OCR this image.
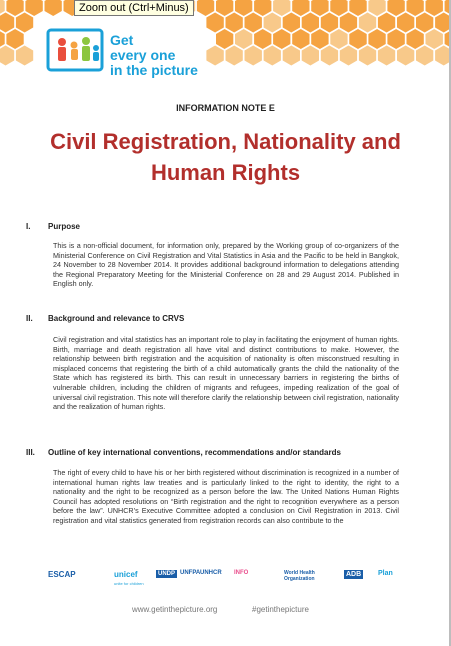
Zoom out (Ctrl+Minus)
Get
every one
in the picture
INFORMATION NOTE E
Civil Registration, Nationality and Human Rights
I. Purpose
This is a non-official document, for information only, prepared by the Working group of co-organizers of the Ministerial Conference on Civil Registration and Vital Statistics in Asia and the Pacific to be held in Bangkok, 24 November to 28 November 2014. It provides additional background information to delegations attending the Regional Preparatory Meeting for the Ministerial Conference on 28 and 29 August 2014. Published in English only.
II. Background and relevance to CRVS
Civil registration and vital statistics has an important role to play in facilitating the enjoyment of human rights. Birth, marriage and death registration all have vital and distinct contributions to make. However, the relationship between birth registration and the acquisition of nationality is often misconstrued resulting in misplaced concerns that registering the birth of a child automatically grants the child the nationality of the State which has registered its birth. This can result in unnecessary barriers in registering the births of vulnerable children, including the children of migrants and refugees, impeding realization of the goal of universal civil registration. This note will therefore clarify the relationship between civil registration, nationality and the realization of human rights.
III. Outline of key international conventions, recommendations and/or standards
The right of every child to have his or her birth registered without discrimination is recognized in a number of international human rights law treaties and is particularly linked to the right to identity, the right to a nationality and the right to be recognized as a person before the law. The United Nations Human Rights Council has adopted resolutions on “Birth registration and the right to recognition everywhere as a person before the law”. UNHCR’s Executive Committee adopted a conclusion on Civil Registration in 2013. Civil registration and vital statistics generated from registration records can also contribute to the
ESCAP	unicef
unite for children
UNDP UNFPA UNHCR INFO	World Health Organization
ADB Plan
www.getinthepicture.org	#getinthepicture
